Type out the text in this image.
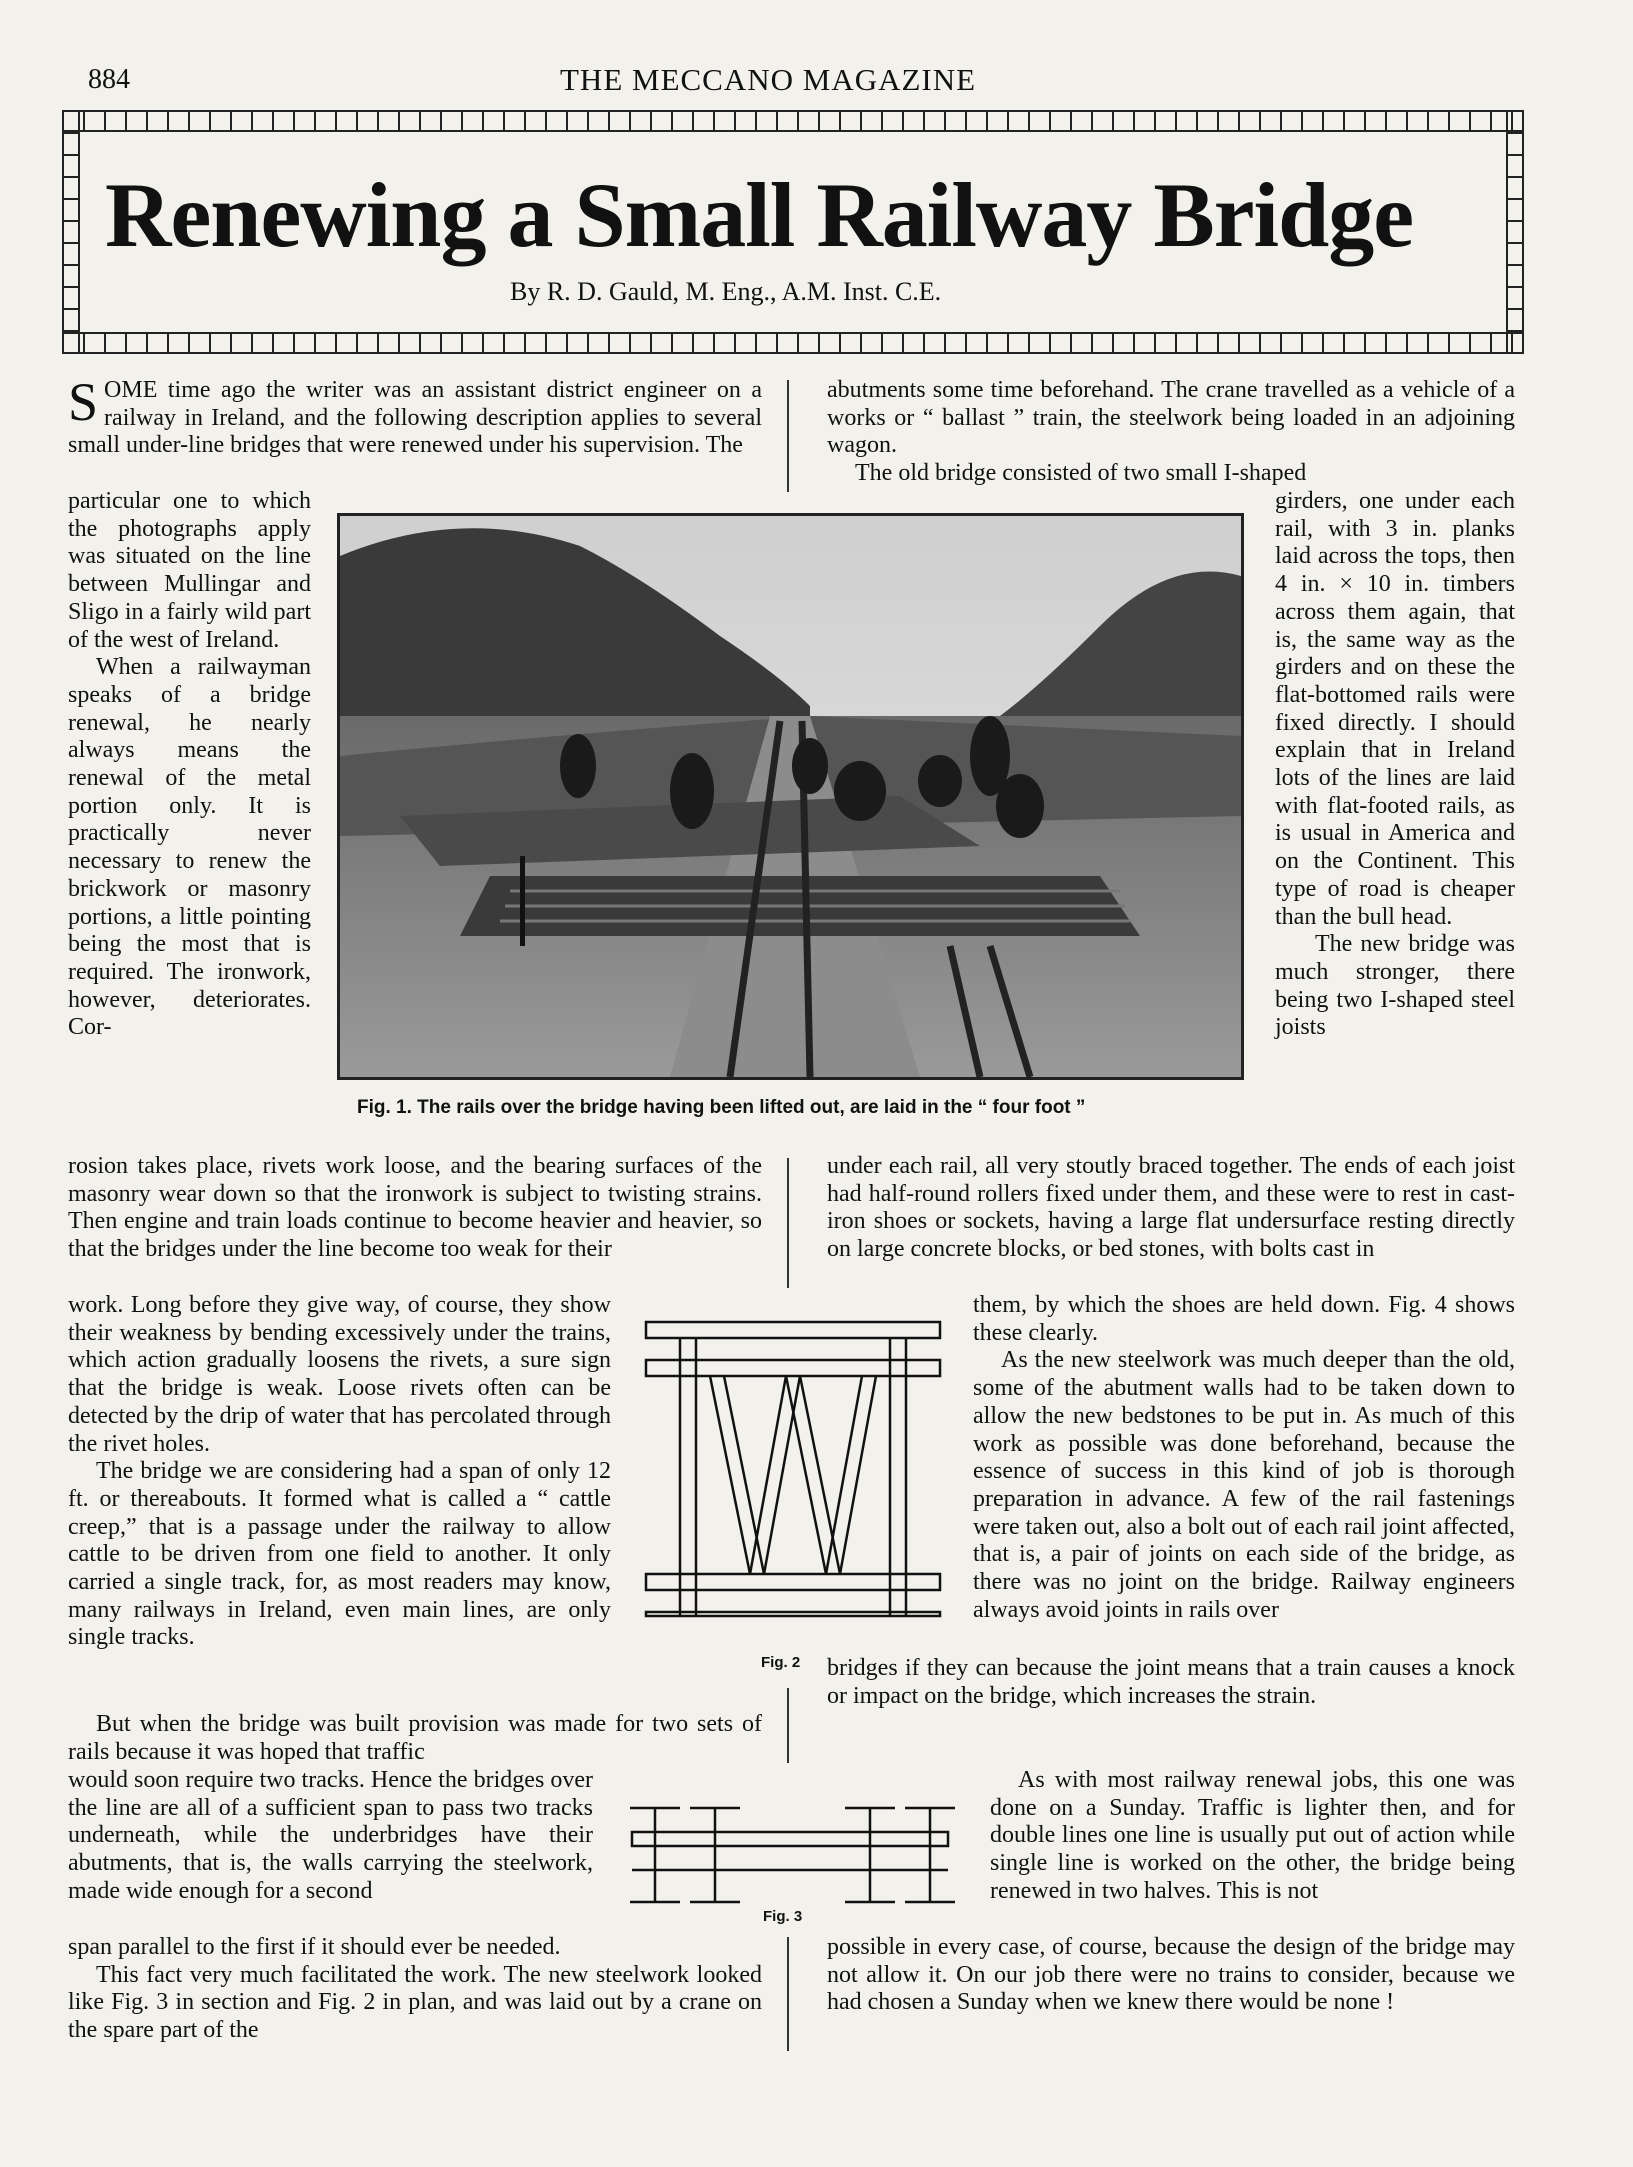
884	THE MECCANO MAGAZINE
Renewing a Small Railway Bridge
By R. D. Gauld, M. Eng., A.M. Inst. C.E.
SOME time ago the writer was an assistant district engineer on a railway in Ireland, and the following description applies to several small under-line bridges that were renewed under his supervision. The

particular one to which the photographs apply was situated on the line between Mullingar and Sligo in a fairly wild part of the west of Ireland.

When a railwayman speaks of a bridge renewal, he nearly always means the renewal of the metal portion only. It is practically never necessary to renew the brickwork or masonry portions, a little pointing being the most that is required. The ironwork, however, deteriorates. Cor-

rosion takes place, rivets work loose, and the bearing surfaces of the masonry wear down so that the ironwork is subject to twisting strains. Then engine and train loads continue to become heavier and heavier, so that the bridges under the line become too weak for their

work. Long before they give way, of course, they show their weakness by bending excessively under the trains, which action gradually loosens the rivets, a sure sign that the bridge is weak. Loose rivets often can be detected by the drip of water that has percolated through the rivet holes.

The bridge we are considering had a span of only 12 ft. or thereabouts. It formed what is called a “ cattle creep,” that is a passage under the railway to allow cattle to be driven from one field to another. It only carried a single track, for, as most readers may know, many railways in Ireland, even main lines, are only single tracks.

But when the bridge was built provision was made for two sets of rails because it was hoped that traffic

would soon require two tracks. Hence the bridges over the line are all of a sufficient span to pass two tracks underneath, while the underbridges have their abutments, that is, the walls carrying the steelwork, made wide enough for a second

span parallel to the first if it should ever be needed.

This fact very much facilitated the work. The new steelwork looked like Fig. 3 in section and Fig. 2 in plan, and was laid out by a crane on the spare part of the

abutments some time beforehand. The crane travelled as a vehicle of a works or “ ballast ” train, the steelwork being loaded in an adjoining wagon.

The old bridge consisted of two small I-shaped

girders, one under each rail, with 3 in. planks laid across the tops, then 4 in. × 10 in. timbers across them again, that is, the same way as the girders and on these the flat-bottomed rails were fixed directly. I should explain that in Ireland lots of the lines are laid with flat-footed rails, as is usual in America and on the Continent. This type of road is cheaper than the bull head.

The new bridge was much stronger, there being two I-shaped steel joists

under each rail, all very stoutly braced together. The ends of each joist had half-round rollers fixed under them, and these were to rest in cast-iron shoes or sockets, having a large flat undersurface resting directly on large concrete blocks, or bed stones, with bolts cast in

them, by which the shoes are held down. Fig. 4 shows these clearly.

As the new steelwork was much deeper than the old, some of the abutment walls had to be taken down to allow the new bedstones to be put in. As much of this work as possible was done beforehand, because the essence of success in this kind of job is thorough preparation in advance. A few of the rail fastenings were taken out, also a bolt out of each rail joint affected, that is, a pair of joints on each side of the bridge, as there was no joint on the bridge. Railway engineers always avoid joints in rails over

bridges if they can because the joint means that a train causes a knock or impact on the bridge, which increases the strain.

As with most railway renewal jobs, this one was done on a Sunday. Traffic is lighter then, and for double lines one line is usually put out of action while single line is worked on the other, the bridge being renewed in two halves. This is not

possible in every case, of course, because the design of the bridge may not allow it. On our job there were no trains to consider, because we had chosen a Sunday when we knew there would be none !

Fig. 1. The rails over the bridge having been lifted out, are laid in the “ four foot ”
Fig. 2
Fig. 3
